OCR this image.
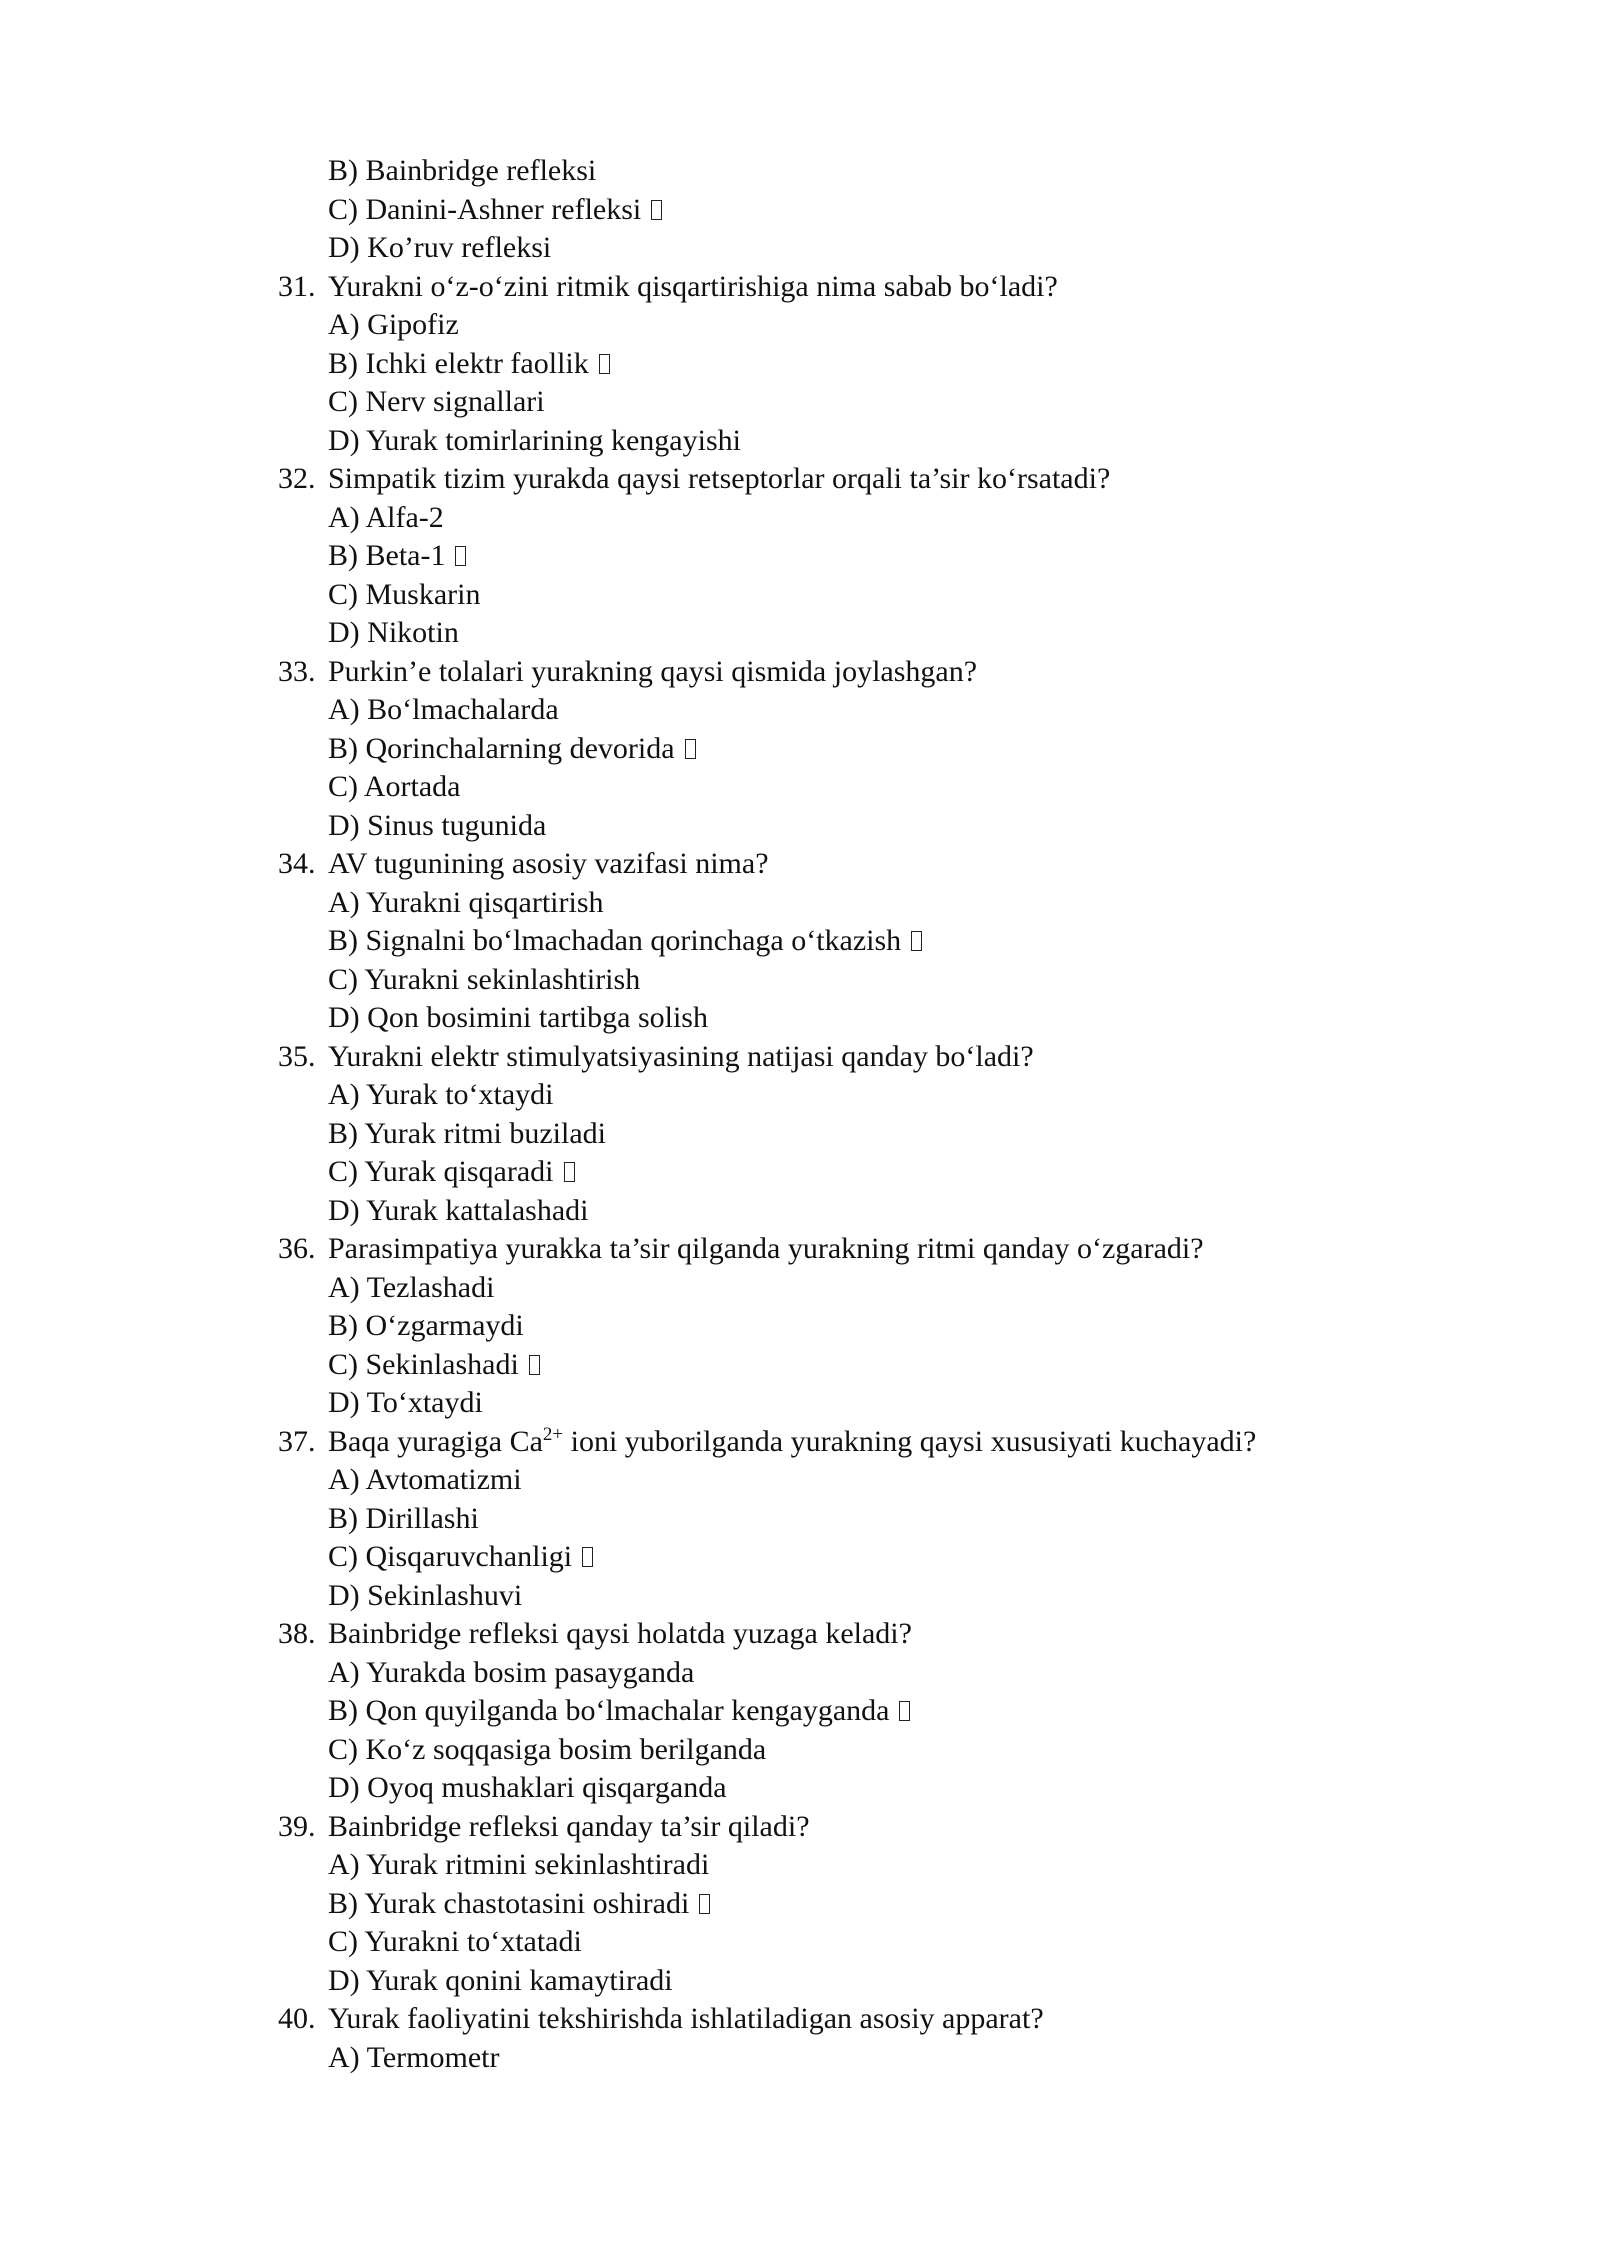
B) Bainbridge refleksi
C) Danini-Ashner refleksi
D) Ko’ruv refleksi
31. Yurakni o‘z-o‘zini ritmik qisqartirishiga nima sabab bo‘ladi?
A) Gipofiz
B) Ichki elektr faollik
C) Nerv signallari
D) Yurak tomirlarining kengayishi
32. Simpatik tizim yurakda qaysi retseptorlar orqali ta’sir ko‘rsatadi?
A) Alfa-2
B) Beta-1
C) Muskarin
D) Nikotin
33. Purkin’e tolalari yurakning qaysi qismida joylashgan?
A) Bo‘lmachalarda
B) Qorinchalarning devorida
C) Aortada
D) Sinus tugunida
34. AV tugunining asosiy vazifasi nima?
A) Yurakni qisqartirish
B) Signalni bo‘lmachadan qorinchaga o‘tkazish
C) Yurakni sekinlashtirish
D) Qon bosimini tartibga solish
35. Yurakni elektr stimulyatsiyasining natijasi qanday bo‘ladi?
A) Yurak to‘xtaydi
B) Yurak ritmi buziladi
C) Yurak qisqaradi
D) Yurak kattalashadi
36. Parasimpatiya yurakka ta’sir qilganda yurakning ritmi qanday o‘zgaradi?
A) Tezlashadi
B) O‘zgarmaydi
C) Sekinlashadi
D) To‘xtaydi
37. Baqa yuragiga $Ca^{2+}$ ioni yuborilganda yurakning qaysi xususiyati kuchayadi?
A) Avtomatizmi
B) Dirillashi
C) Qisqaruvchanligi
D) Sekinlashuvi
38. Bainbridge refleksi qaysi holatda yuzaga keladi?
A) Yurakda bosim pasayganda
B) Qon quyilganda bo‘lmachalar kengayganda
C) Ko‘z soqqasiga bosim berilganda
D) Oyoq mushaklari qisqarganda
39. Bainbridge refleksi qanday ta’sir qiladi?
A) Yurak ritmini sekinlashtiradi
B) Yurak chastotasini oshiradi
C) Yurakni to‘xtatadi
D) Yurak qonini kamaytiradi
40. Yurak faoliyatini tekshirishda ishlatiladigan asosiy apparat?
A) Termometr
